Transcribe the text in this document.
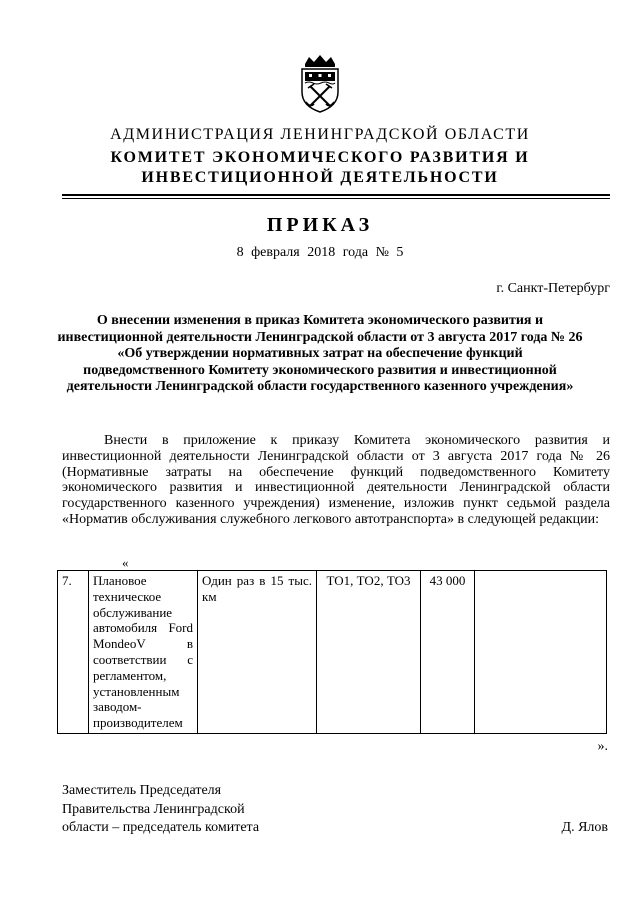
АДМИНИСТРАЦИЯ ЛЕНИНГРАДСКОЙ ОБЛАСТИ
КОМИТЕТ ЭКОНОМИЧЕСКОГО РАЗВИТИЯ И
ИНВЕСТИЦИОННОЙ ДЕЯТЕЛЬНОСТИ
ПРИКАЗ
8 февраля 2018 года № 5
г. Санкт-Петербург
О внесении изменения в приказ Комитета экономического развития и инвестиционной деятельности Ленинградской области от 3 августа 2017 года № 26 «Об утверждении нормативных затрат на обеспечение функций подведомственного Комитету экономического развития и инвестиционной деятельности Ленинградской области государственного казенного учреждения»
Внести в приложение к приказу Комитета экономического развития и инвестиционной деятельности Ленинградской области от 3 августа 2017 года № 26 (Нормативные затраты на обеспечение функций подведомственного Комитету экономического развития и инвестиционной деятельности Ленинградской области государственного казенного учреждения) изменение, изложив пункт седьмой раздела «Норматив обслуживания служебного легкового автотранспорта» в следующей редакции:
«
7.	Плановое техническое обслуживание автомобиля Ford MondeoV в соответствии с регламентом, установленным заводом-производителем	Один раз в 15 тыс. км	ТО1, ТО2, ТО3	43 000	
».
Заместитель Председателя
Правительства Ленинградской
области – председатель комитета	Д. Ялов
